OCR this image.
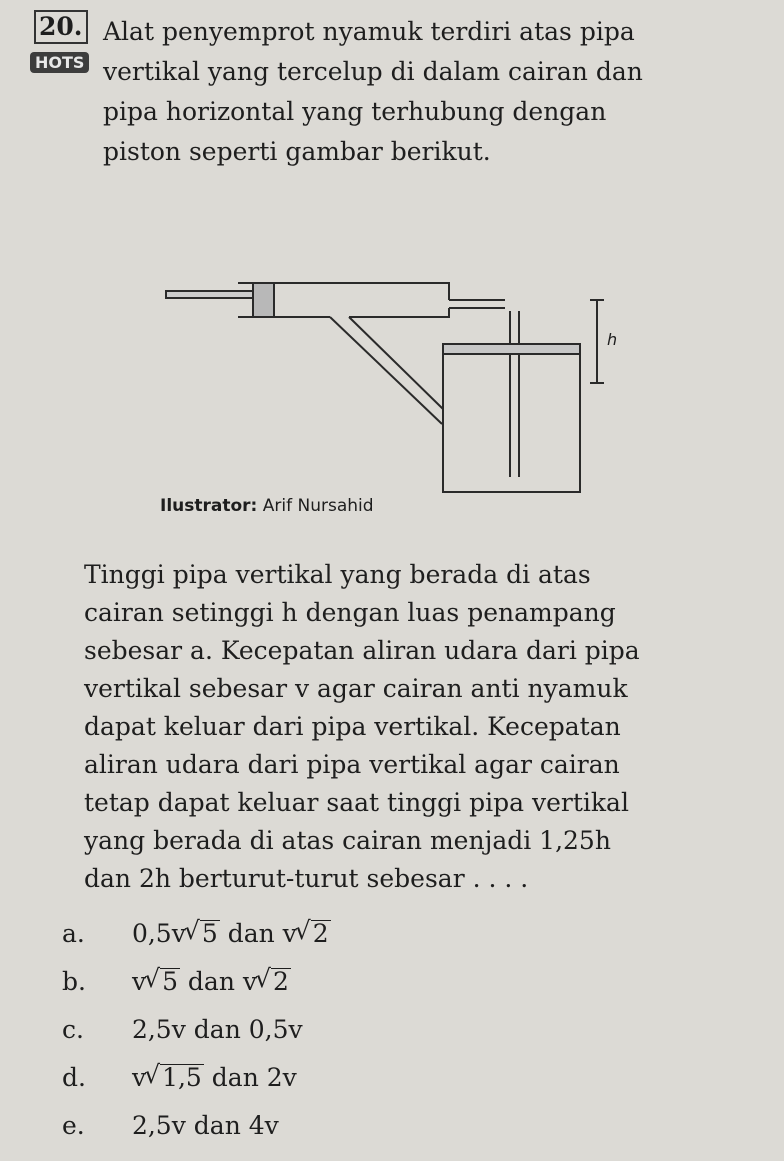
20.
HOTS

Alat penyemprot nyamuk terdiri atas pipa

vertikal yang tercelup di dalam cairan dan

pipa horizontal yang terhubung dengan

piston seperti gambar berikut.

h
Ilustrator: Arif Nursahid
Tinggi pipa vertikal yang berada di atas
cairan setinggi h dengan luas penampang
sebesar a. Kecepatan aliran udara dari pipa
vertikal sebesar v agar cairan anti nyamuk
dapat keluar dari pipa vertikal. Kecepatan
aliran udara dari pipa vertikal agar cairan
tetap dapat keluar saat tinggi pipa vertikal
yang berada di atas cairan menjadi 1,25h
dan 2h berturut-turut sebesar . . . .
a. 0,5v √ 5 dan v √ 2
b. v √ 5 dan v √ 2
c. 2,5v dan 0,5v
d. v √ 1,5 dan 2v
e. 2,5v dan 4v
